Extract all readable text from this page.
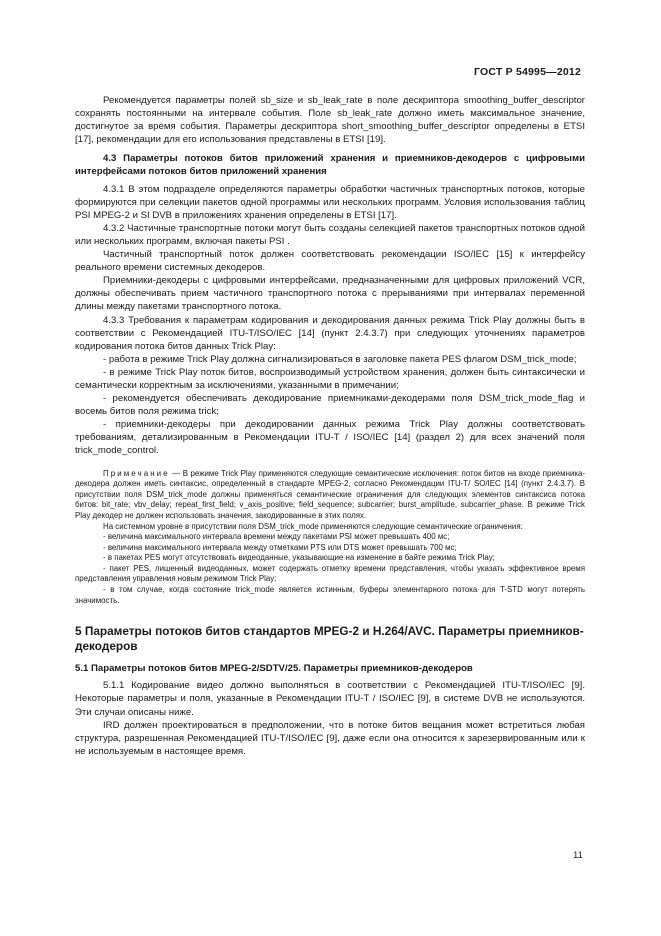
ГОСТ Р 54995—2012

Рекомендуется параметры полей sb_size и sb_leak_rate в поле дескриптора smoothing_buffer_descriptor сохранять постоянными на интервале события. Поле sb_leak_rate должно иметь максимальное значение, достигнутое за время события. Параметры дескриптора short_smoothing_buffer_descriptor определены в ETSI [17], рекомендации для его использования представлены в ETSI [19].

4.3 Параметры потоков битов приложений хранения и приемников-декодеров с цифровыми интерфейсами потоков битов приложений хранения

4.3.1 В этом подразделе определяются параметры обработки частичных транспортных потоков, которые формируются при селекции пакетов одной программы или нескольких программ. Условия использования таблиц PSI MPEG-2 и SI DVB в приложениях хранения определены в ETSI [17].

4.3.2 Частичные транспортные потоки могут быть созданы селекцией пакетов транспортных потоков одной или нескольких программ, включая пакеты PSI .

Частичный транспортный поток должен соответствовать рекомендации ISO/IEC [15] к интерфейсу реального времени системных декодеров.

Приемники-декодеры с цифровыми интерфейсами, предназначенными для цифровых приложений VCR, должны обеспечивать прием частичного транспортного потока с прерываниями при интервалах переменной длины между пакетами транспортного потока.

4.3.3 Требования к параметрам кодирования и декодирования данных режима Trick Play должны быть в соответствии с Рекомендацией ITU-T/ISO/IEC [14] (пункт 2.4.3.7) при следующих уточнениях параметров кодирования потока битов данных Trick Play:

- работа в режиме Trick Play должна сигнализироваться в заголовке пакета PES флагом DSM_trick_mode;

- в режиме Trick Play поток битов, воспроизводимый устройством хранения, должен быть синтаксически и семантически корректным за исключениями, указанными в примечании;

- рекомендуется обеспечивать декодирование приемниками-декодерами поля DSM_trick_mode_flag и восемь битов поля режима trick;

- приемники-декодеры при декодировании данных режима Trick Play должны соответствовать требованиям, детализированным в Рекомендации ITU-T / ISO/IEC [14] (раздел 2) для всех значений поля trick_mode_control.

Примечание — В режиме Trick Play применяются следующие семантические исключения: поток битов на входе приемника-декодера должен иметь синтаксис, определенный в стандарте MPEG-2, согласно Рекомендации ITU-T/ SO/IEC [14] (пункт 2.4.3.7). В присутствии поля DSM_trick_mode должны применяться семантические ограничения для следующих элементов синтаксиса потока битов: bit_rate; vbv_delay; repeat_first_field; v_axis_positive; field_sequence; subcarrier; burst_amplitude, subcarrier_phase. В режиме Trick Play декодер не должен использовать значения, закодированные в этих полях.

На системном уровне в присутствии поля DSM_trick_mode применяются следующие семантические ограничения:

- величина максимального интервала времени между пакетами PSI может превышать 400 мс;

- величина максимального интервала между отметками PTS или DTS может превышать 700 мс;

- в пакетах PES могут отсутствовать видеоданные, указывающие на изменение в байте режима Trick Play;

- пакет PES, лишенный видеоданных, может содержать отметку времени представления, чтобы указать эффективное время представления управления новым режимом Trick Play;

- в том случае, когда состояние trick_mode является истинным, буферы элементарного потока для T-STD могут потерять значимость.

5 Параметры потоков битов стандартов MPEG-2 и H.264/AVC. Параметры приемников-декодеров

5.1 Параметры потоков битов MPEG-2/SDTV/25. Параметры приемников-декодеров

5.1.1 Кодирование видео должно выполняться в соответствии с Рекомендацией ITU-T/ISO/IEC [9]. Некоторые параметры и поля, указанные в Рекомендации ITU-T / ISO/IEC [9], в системе DVB не используются. Эти случаи описаны ниже.

IRD должен проектироваться в предположении, что в потоке битов вещания может встретиться любая структура, разрешенная Рекомендацией ITU-T/ISO/IEC [9], даже если она относится к зарезервированным или к не используемым в настоящее время.

11
